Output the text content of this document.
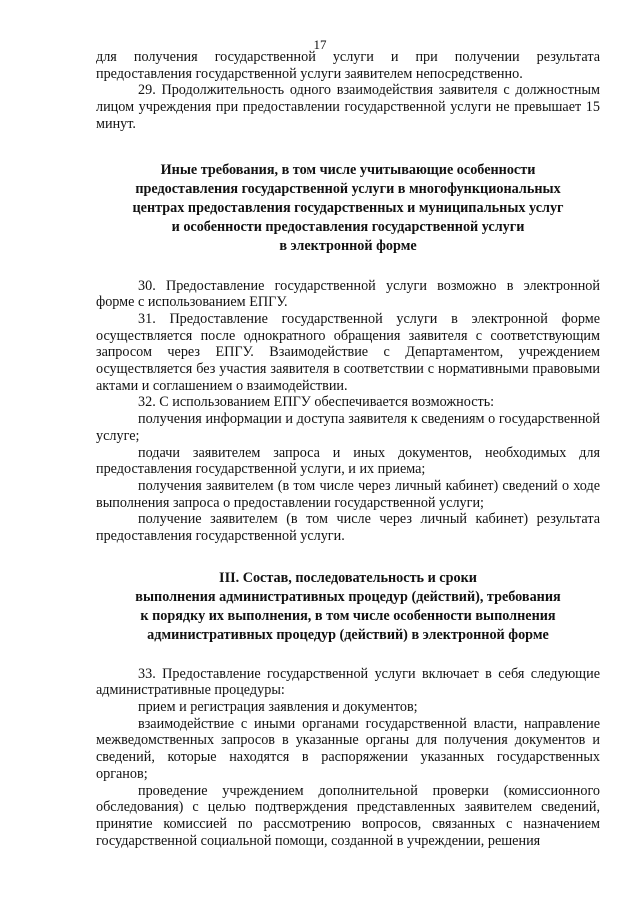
17

для получения государственной услуги и при получении результата предоставления государственной услуги заявителем непосредственно.

29. Продолжительность одного взаимодействия заявителя с должностным лицом учреждения при предоставлении государственной услуги не превышает 15 минут.

Иные требования, в том числе учитывающие особенности
предоставления государственной услуги в многофункциональных
центрах предоставления государственных и муниципальных услуг
и особенности предоставления государственной услуги
в электронной форме

30. Предоставление государственной услуги возможно в электронной форме с использованием ЕПГУ.

31. Предоставление государственной услуги в электронной форме осуществляется после однократного обращения заявителя с соответствующим запросом через ЕПГУ. Взаимодействие с Департаментом, учреждением осуществляется без участия заявителя в соответствии с нормативными правовыми актами и соглашением о взаимодействии.

32. С использованием ЕПГУ обеспечивается возможность:

получения информации и доступа заявителя к сведениям о государственной услуге;

подачи заявителем запроса и иных документов, необходимых для предоставления государственной услуги, и их приема;

получения заявителем (в том числе через личный кабинет) сведений о ходе выполнения запроса о предоставлении государственной услуги;

получение заявителем (в том числе через личный кабинет) результата предоставления государственной услуги.

III. Состав, последовательность и сроки
выполнения административных процедур (действий), требования
к порядку их выполнения, в том числе особенности выполнения
административных процедур (действий) в электронной форме

33. Предоставление государственной услуги включает в себя следующие административные процедуры:

прием и регистрация заявления и документов;

взаимодействие с иными органами государственной власти, направление межведомственных запросов в указанные органы для получения документов и сведений, которые находятся в распоряжении указанных государственных органов;

проведение учреждением дополнительной проверки (комиссионного обследования) с целью подтверждения представленных заявителем сведений, принятие комиссией по рассмотрению вопросов, связанных с назначением государственной социальной помощи, созданной в учреждении, решения
